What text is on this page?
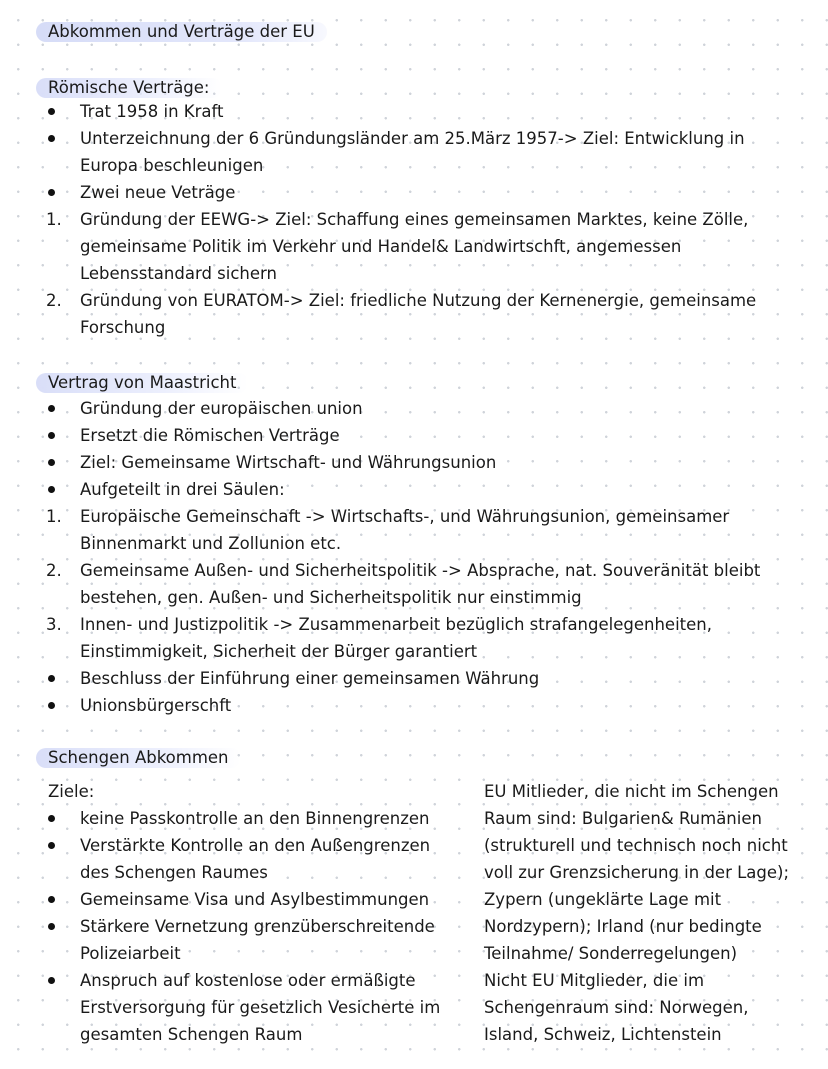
Abkommen und Verträge der EU
Römische Verträge:
Trat 1958 in Kraft
Unterzeichnung der 6 Gründungsländer am 25.März 1957-> Ziel: Entwicklung in
Europa beschleunigen
Zwei neue Veträge
1.	Gründung der EEWG-> Ziel: Schaffung eines gemeinsamen Marktes, keine Zölle,
gemeinsame Politik im Verkehr und Handel& Landwirtschft, angemessen
Lebensstandard sichern
2.	Gründung von EURATOM-> Ziel: friedliche Nutzung der Kernenergie, gemeinsame
Forschung
Vertrag von Maastricht
Gründung der europäischen union
Ersetzt die Römischen Verträge
Ziel: Gemeinsame Wirtschaft- und Währungsunion
Aufgeteilt in drei Säulen:
1.	Europäische Gemeinschaft -> Wirtschafts-, und Währungsunion, gemeinsamer
Binnenmarkt und Zollunion etc.
2.	Gemeinsame Außen- und Sicherheitspolitik -> Absprache, nat. Souveränität bleibt
bestehen, gen. Außen- und Sicherheitspolitik nur einstimmig
3.	Innen- und Justizpolitik -> Zusammenarbeit bezüglich strafangelegenheiten,
Einstimmigkeit, Sicherheit der Bürger garantiert
Beschluss der Einführung einer gemeinsamen Währung
Unionsbürgerschft
Schengen Abkommen
Ziele:
keine Passkontrolle an den Binnengrenzen
Verstärkte Kontrolle an den Außengrenzen
des Schengen Raumes
Gemeinsame Visa und Asylbestimmungen
Stärkere Vernetzung grenzüberschreitende
Polizeiarbeit
Anspruch auf kostenlose oder ermäßigte
Erstversorgung für gesetzlich Vesicherte im
gesamten Schengen Raum
EU Mitlieder, die nicht im Schengen
Raum sind: Bulgarien& Rumänien
(strukturell und technisch noch nicht
voll zur Grenzsicherung in der Lage);
Zypern (ungeklärte Lage mit
Nordzypern); Irland (nur bedingte
Teilnahme/ Sonderregelungen)
Nicht EU Mitglieder, die im
Schengenraum sind: Norwegen,
Island, Schweiz, Lichtenstein
